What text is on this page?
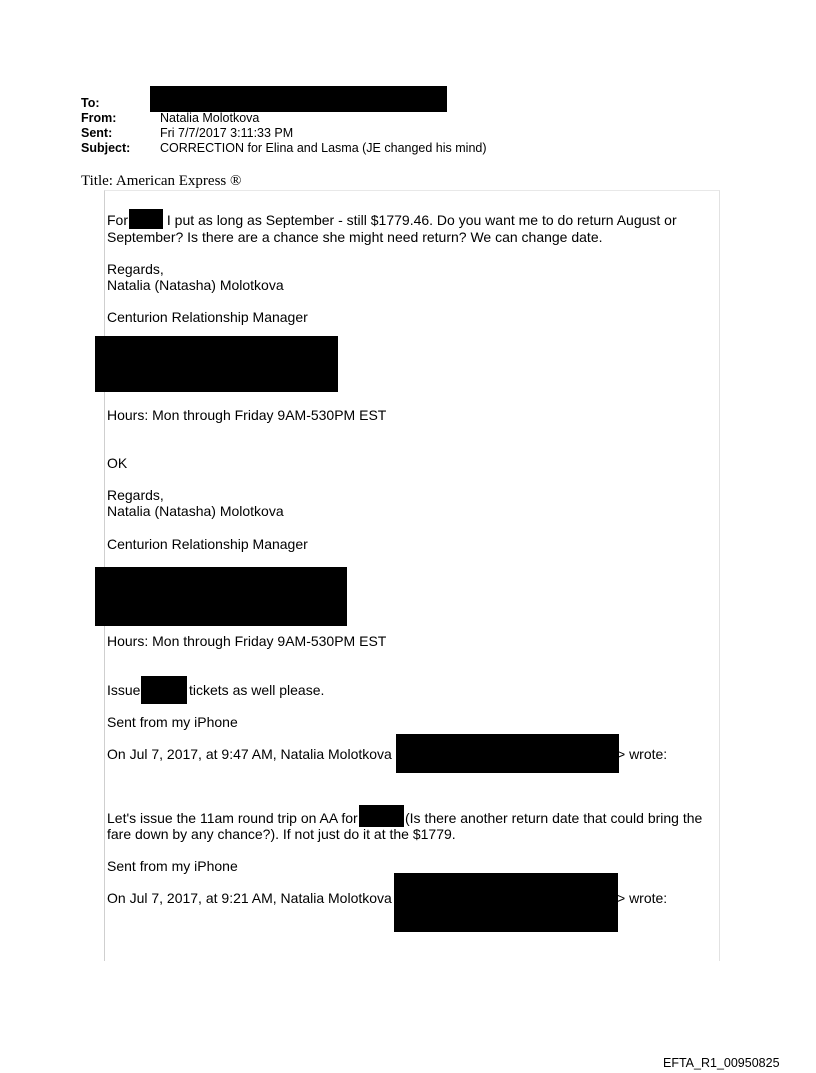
To:
From:	Natalia Molotkova
Sent:	Fri 7/7/2017 3:11:33 PM
Subject: CORRECTION for Elina and Lasma (JE changed his mind)
Title: American Express ®
For	I put as long as September - still $1779.46. Do you want me to do return August or
September? Is there are a chance she might need return? We can change date.
Regards,
Natalia (Natasha) Molotkova
Centurion Relationship Manager
Hours: Mon through Friday 9AM-530PM EST
OK
Regards,
Natalia (Natasha) Molotkova
Centurion Relationship Manager
Hours: Mon through Friday 9AM-530PM EST
Issue	tickets as well please.
Sent from my iPhone
On Jul 7, 2017, at 9:47 AM, Natalia Molotkova	> wrote:
Let's issue the 11am round trip on AA for	(Is there another return date that could bring the
fare down by any chance?). If not just do it at the $1779.
Sent from my iPhone
On Jul 7, 2017, at 9:21 AM, Natalia Molotkova	> wrote:
EFTA_R1_00950825
